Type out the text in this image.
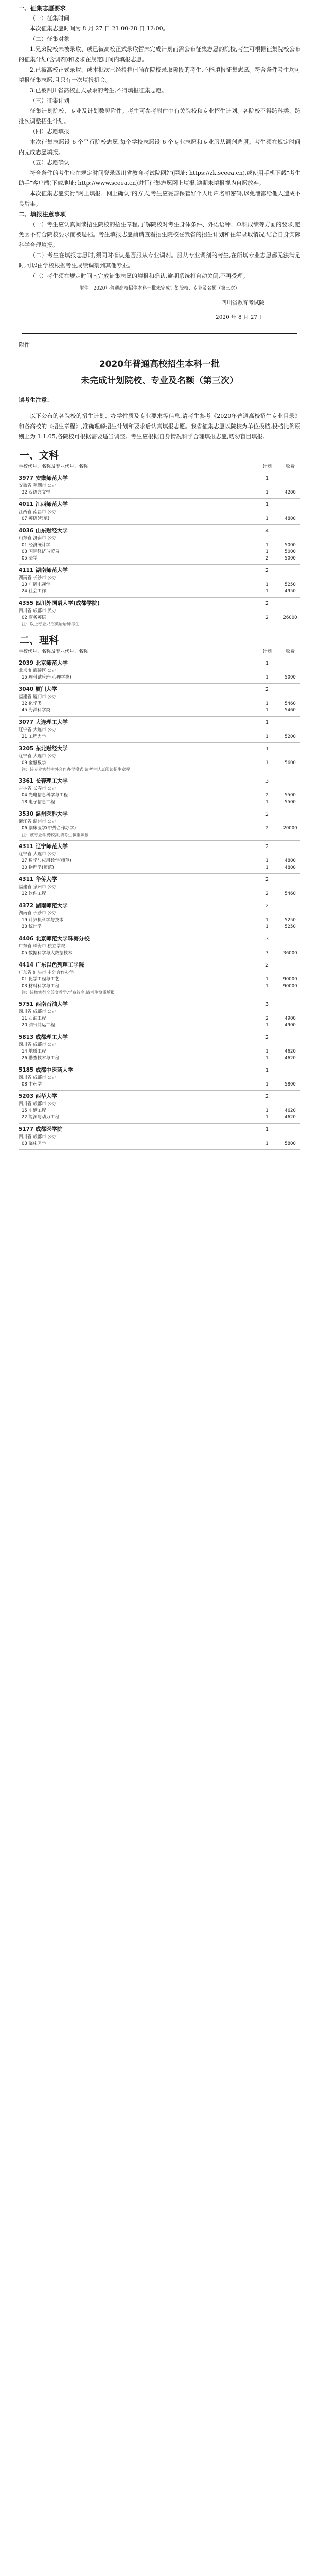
一、征集志愿要求

（一）征集时间

本次征集志愿时间为 8 月 27 日 21:00-28 日 12:00。

（二）征集对象

1.兄弟院校未被录取、或已被高校正式录取暂未完成计划而需公布征集志愿的院校,考生可根据征集院校公布的征集计划(含调剂)和要求在规定时间内填报志愿。

2.已被高校正式录取、或本批次已经投档但尚在院校录取阶段的考生,不能填报征集志愿。符合条件考生均可填报征集志愿,且只有一次填报机会。

3.已被四川省高校正式录取的考生,不得填报征集志愿。

（三）征集计划

征集计划院校、专业及计划数见附件。考生可参考附件中有关院校和专业招生计划。各院校不得跨科类、跨批次调整招生计划。

（四）志愿填报

本次征集志愿设 6 个平行院校志愿,每个学校志愿设 6 个专业志愿和专业服从调剂选项。考生须在规定时间内完成志愿填报。

（五）志愿确认

符合条件的考生应在规定时间登录四川省教育考试院网站(网址: https://zk.sceea.cn),或使用手机下载"考生助手"客户端(下载地址: http://www.sceea.cn)进行征集志愿网上填报,逾期未填报视为自愿放弃。

本次征集志愿实行"网上填报、网上确认"的方式,考生应妥善保管好个人用户名和密码,以免泄露给他人造成不良后果。

二、填报注意事项

（一）考生应认真阅读招生院校的招生章程,了解院校对考生身体条件、外语语种、单科成绩等方面的要求,避免因不符合院校要求而被退档。考生填报志愿前请查看招生院校在我省的招生计划和往年录取情况,结合自身实际科学合理填报。

（二）考生在填报志愿时,须同时确认是否服从专业调剂。服从专业调剂的考生,在所填专业志愿都无法满足时,可以由学校根据考生成绩调剂到其他专业。

（三）考生须在规定时间内完成征集志愿的填报和确认,逾期系统将自动关闭,不再受理。

附件：2020年普通高校招生本科一批未完成计划院校、专业及名额（第三次）

四川省教育考试院

2020 年 8 月 27 日

附件

2020年普通高校招生本科一批
未完成计划院校、专业及名额（第三次）

请考生注意：

以下公布的各院校的招生计划、办学性质及专业要求等信息,请考生参考《2020年普通高校招生专业目录》和各高校的《招生章程》,准确理解招生计划和要求后认真填报志愿。我省征集志愿以院校为单位投档,投档比例原则上为 1:1.05,各院校可根据需要适当调整。考生应根据自身情况科学合理填报志愿,切勿盲目填报。

一、文科
学校代号、名称及专业代号、名称	计划	收费
3977 安徽师范大学	1
安徽省 芜湖市 公办
32 汉语言文学	1	4200
4011 江西师范大学	1
江西省 南昌市 公办
07 英语(师范)	1	4800
4036 山东财经大学	4
山东省 济南市 公办
01 经济统计学	1	5000
03 国际经济与贸易	1	5000
05 法学	2	5000
4111 湖南师范大学	2
湖南省 长沙市 公办
13 广播电视学	1	5250
24 社会工作	1	4950
4355 四川外国语大学(成都学院)	2
四川省 成都市 民办
02 商务英语	2	26000
注：以上专业只招英语语种考生
二、理科
学校代号、名称及专业代号、名称	计划	收费
2039 北京师范大学	1
北京市 海淀区 公办
15 理科试验班(心理学类)	1	5000
3040 厦门大学	2
福建省 厦门市 公办
32 化学类	1	5460
45 海洋科学类	1	5460
3077 大连理工大学	1
辽宁省 大连市 公办
21 工程力学	1	5200
3205 东北财经大学	1
辽宁省 大连市 公办
09 金融数学	1	5600
注：该专业实行中外合作办学模式,请考生认真阅读招生章程
3361 长春理工大学	3
吉林省 长春市 公办
04 光电信息科学与工程	2	5500
18 电子信息工程	1	5500
3530 温州医科大学	2
浙江省 温州市 公办
06 临床医学(中外合作办学)	2	20000
注：该专业学费较高,请考生慎重填报
4311 辽宁师范大学	2
辽宁省 大连市 公办
27 数学与应用数学(师范)	1	4800
30 物理学(师范)	1	4800
4311 华侨大学	2
福建省 泉州市 公办
12 软件工程	2	5460
4372 湖南师范大学	2
湖南省 长沙市 公办
19 计算机科学与技术	1	5250
33 统计学	1	5250
4406 北京师范大学珠海分校	3
广东省 珠海市 独立学院
05 数据科学与大数据技术	3	36000
4414 广东以色列理工学院	2
广东省 汕头市 中外合作办学
01 化学工程与工艺	1	90000
03 材料科学与工程	1	90000
注：该校实行全英文教学,学费较高,请考生慎重填报
5751 西南石油大学	3
四川省 成都市 公办
11 石油工程	2	4900
20 油气储运工程	1	4900
5813 成都理工大学	2
四川省 成都市 公办
14 地质工程	1	4620
26 勘查技术与工程	1	4620
5185 成都中医药大学	1
四川省 成都市 公办
08 中药学	1	5800
5203 西华大学	2
四川省 成都市 公办
15 车辆工程	1	4620
22 能源与动力工程	1	4620
5177 成都医学院	1
四川省 成都市 公办
03 临床医学	1	5800
